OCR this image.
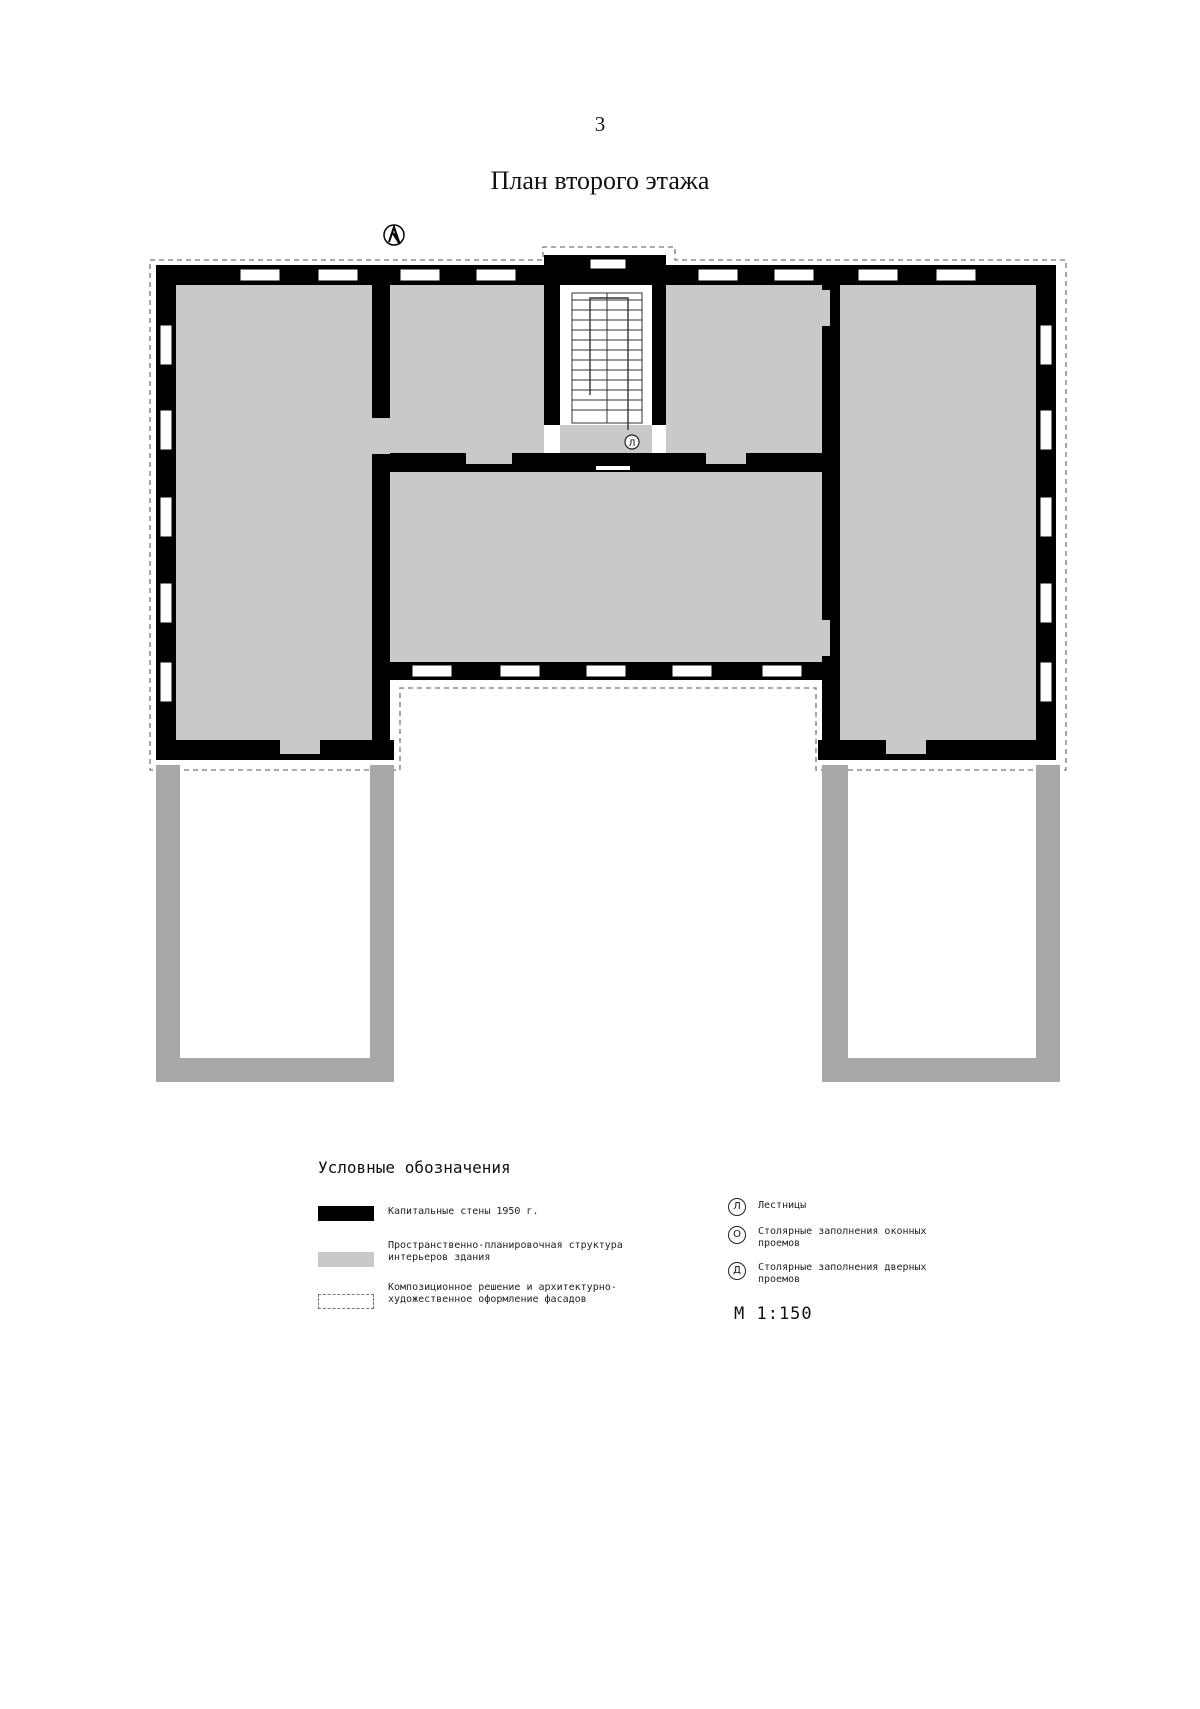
3
План второго этажа
Л
Условные обозначения
Капитальные стены 1950 г.
Пространственно-планировочная структура интерьеров здания
Композиционное решение и архитектурно-художественное оформление фасадов
Л	Лестницы
О	Столярные заполнения оконных проемов
Д	Столярные заполнения дверных проемов
М 1:150
